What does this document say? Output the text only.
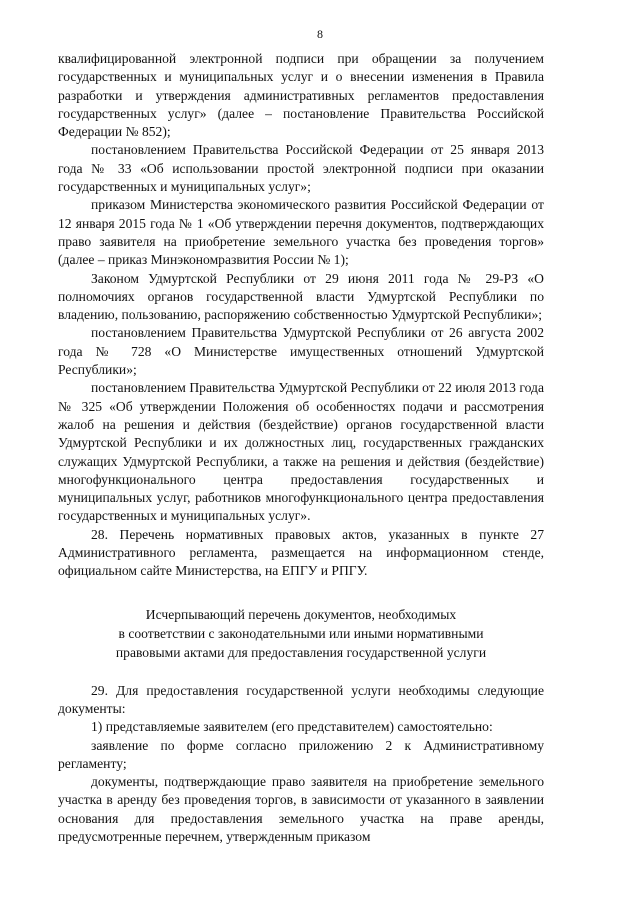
8

квалифицированной электронной подписи при обращении за получением государственных и муниципальных услуг и о внесении изменения в Правила разработки и утверждения административных регламентов предоставления государственных услуг» (далее – постановление Правительства Российской Федерации № 852);

постановлением Правительства Российской Федерации от 25 января 2013 года № 33 «Об использовании простой электронной подписи при оказании государственных и муниципальных услуг»;

приказом Министерства экономического развития Российской Федерации от 12 января 2015 года № 1 «Об утверждении перечня документов, подтверждающих право заявителя на приобретение земельного участка без проведения торгов» (далее – приказ Минэкономразвития России № 1);

Законом Удмуртской Республики от 29 июня 2011 года № 29-РЗ «О полномочиях органов государственной власти Удмуртской Республики по владению, пользованию, распоряжению собственностью Удмуртской Республики»;

постановлением Правительства Удмуртской Республики от 26 августа 2002 года № 728 «О Министерстве имущественных отношений Удмуртской Республики»;

постановлением Правительства Удмуртской Республики от 22 июля 2013 года № 325 «Об утверждении Положения об особенностях подачи и рассмотрения жалоб на решения и действия (бездействие) органов государственной власти Удмуртской Республики и их должностных лиц, государственных гражданских служащих Удмуртской Республики, а также на решения и действия (бездействие) многофункционального центра предоставления государственных и муниципальных услуг, работников многофункционального центра предоставления государственных и муниципальных услуг».

28. Перечень нормативных правовых актов, указанных в пункте 27 Административного регламента, размещается на информационном стенде, официальном сайте Министерства, на ЕПГУ и РПГУ.

Исчерпывающий перечень документов, необходимых
в соответствии с законодательными или иными нормативными
правовыми актами для предоставления государственной услуги

29. Для предоставления государственной услуги необходимы следующие документы:

1) представляемые заявителем (его представителем) самостоятельно:

заявление по форме согласно приложению 2 к Административному регламенту;

документы, подтверждающие право заявителя на приобретение земельного участка в аренду без проведения торгов, в зависимости от указанного в заявлении основания для предоставления земельного участка на праве аренды, предусмотренные перечнем, утвержденным приказом
